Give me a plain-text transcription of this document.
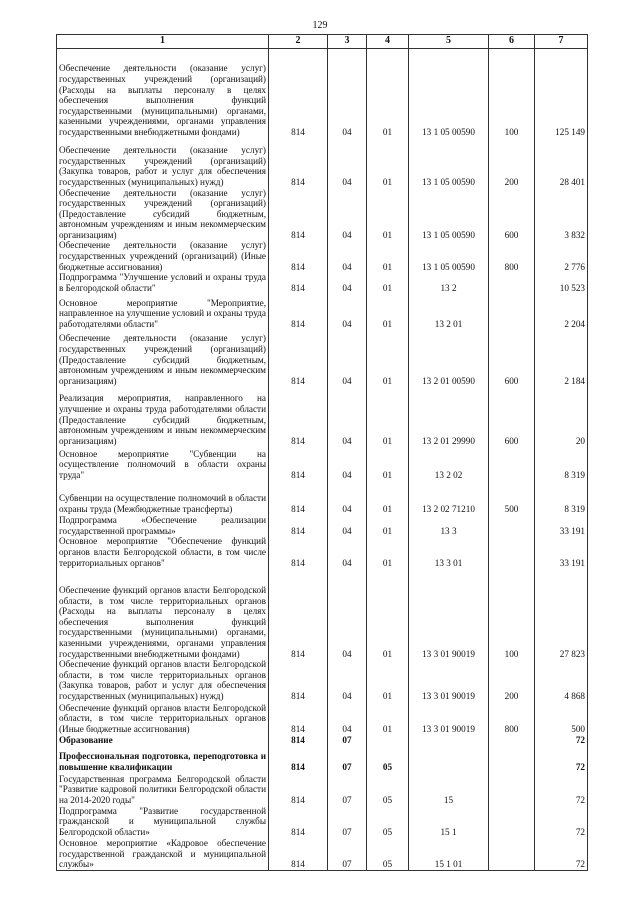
129
1	2	3	4	5	6	7
Обеспечение деятельности (оказание услуг) государственных учреждений (организаций) (Расходы на выплаты персоналу в целях обеспечения выполнения функций государственными (муниципальными) органами, казенными учреждениями, органами управления государственными внебюджетными фондами)	814	04	01	13 1 05 00590	100	125 149
Обеспечение деятельности (оказание услуг) государственных учреждений (организаций) (Закупка товаров, работ и услуг для обеспечения государственных (муниципальных) нужд)	814	04	01	13 1 05 00590	200	28 401
Обеспечение деятельности (оказание услуг) государственных учреждений (организаций) (Предоставление субсидий бюджетным, автономным учреждениям и иным некоммерческим организациям)	814	04	01	13 1 05 00590	600	3 832
Обеспечение деятельности (оказание услуг) государственных учреждений (организаций) (Иные бюджетные ассигнования)	814	04	01	13 1 05 00590	800	2 776
Подпрограмма "Улучшение условий и охраны труда в Белгородской области"	814	04	01	13 2		10 523
Основное мероприятие "Мероприятие, направленное на улучшение условий и охраны труда работодателями области"	814	04	01	13 2 01		2 204
Обеспечение деятельности (оказание услуг) государственных учреждений (организаций) (Предоставление субсидий бюджетным, автономным учреждениям и иным некоммерческим организациям)	814	04	01	13 2 01 00590	600	2 184
Реализация мероприятия, направленного на улучшение и охраны труда работодателями области (Предоставление субсидий бюджетным, автономным учреждениям и иным некоммерческим организациям)	814	04	01	13 2 01 29990	600	20
Основное мероприятие "Субвенции на осуществление полномочий в области охраны труда"	814	04	01	13 2 02		8 319
Субвенции на осуществление полномочий в области охраны труда (Межбюджетные трансферты)	814	04	01	13 2 02 71210	500	8 319
Подпрограмма «Обеспечение реализации государственной программы»	814	04	01	13 3		33 191
Основное мероприятие "Обеспечение функций органов власти Белгородской области, в том числе территориальных органов"	814	04	01	13 3 01		33 191
Обеспечение функций органов власти Белгородской области, в том числе территориальных органов (Расходы на выплаты персоналу в целях обеспечения выполнения функций государственными (муниципальными) органами, казенными учреждениями, органами управления государственными внебюджетными фондами)	814	04	01	13 3 01 90019	100	27 823
Обеспечение функций органов власти Белгородской области, в том числе территориальных органов (Закупка товаров, работ и услуг для обеспечения государственных (муниципальных) нужд)	814	04	01	13 3 01 90019	200	4 868
Обеспечение функций органов власти Белгородской области, в том числе территориальных органов (Иные бюджетные ассигнования)	814	04	01	13 3 01 90019	800	500
Образование	814	07				72
Профессиональная подготовка, переподготовка и повышение квалификации	814	07	05			72
Государственная программа Белгородской области "Развитие кадровой политики Белгородской области на 2014-2020 годы"	814	07	05	15		72
Подпрограмма "Развитие государственной гражданской и муниципальной службы Белгородской области»	814	07	05	15 1		72
Основное мероприятие «Кадровое обеспечение государственной гражданской и муниципальной службы»	814	07	05	15 1 01		72
